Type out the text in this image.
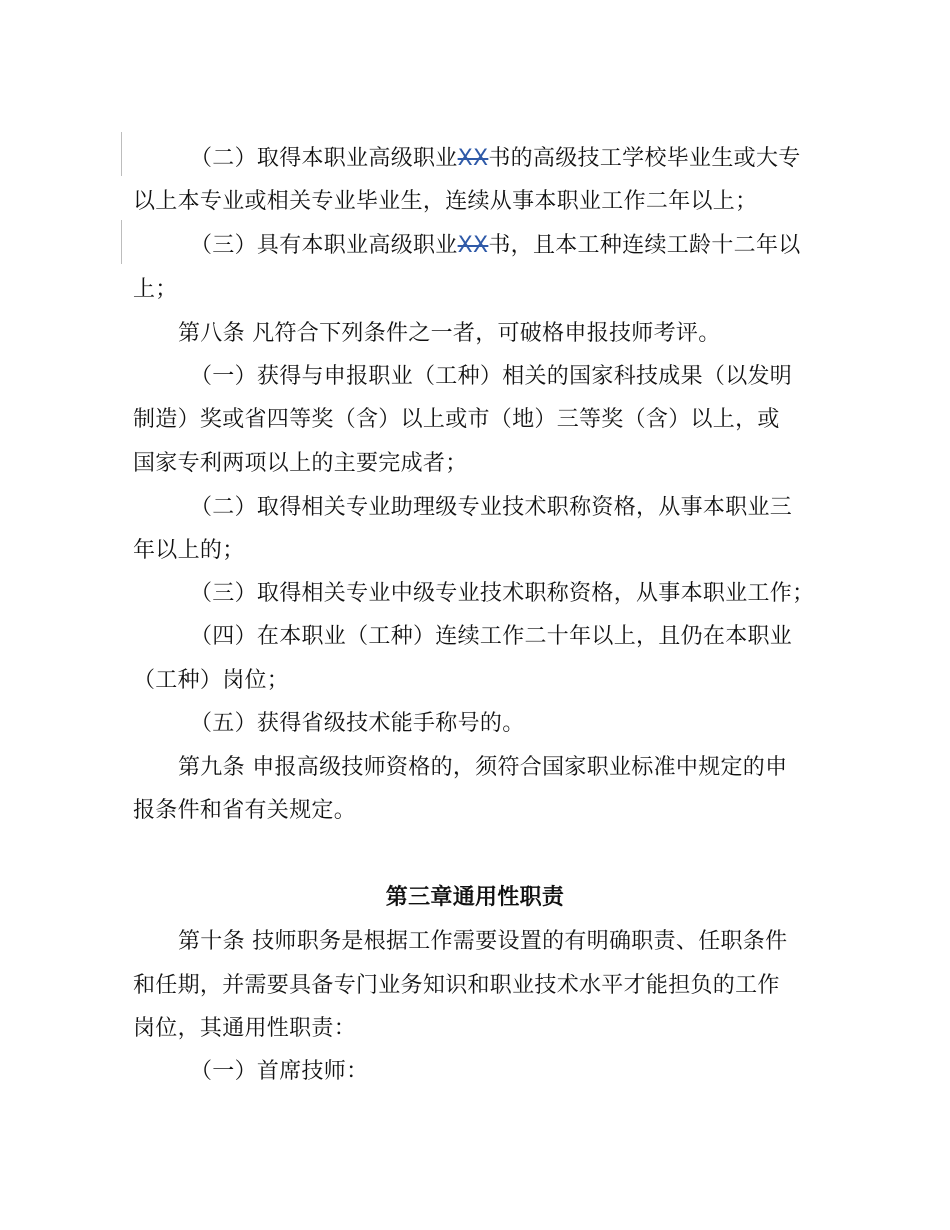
（二）取得本职业高级职业XX书的高级技工学校毕业生或大专
以上本专业或相关专业毕业生，连续从事本职业工作二年以上；
（三）具有本职业高级职业XX书，且本工种连续工龄十二年以
上；
第八条 凡符合下列条件之一者，可破格申报技师考评。
（一）获得与申报职业（工种）相关的国家科技成果（以发明
制造）奖或省四等奖（含）以上或市（地）三等奖（含）以上，或
国家专利两项以上的主要完成者；
（二）取得相关专业助理级专业技术职称资格，从事本职业三
年以上的；
（三）取得相关专业中级专业技术职称资格，从事本职业工作；
（四）在本职业（工种）连续工作二十年以上，且仍在本职业
（工种）岗位；
（五）获得省级技术能手称号的。
第九条 申报高级技师资格的，须符合国家职业标准中规定的申
报条件和省有关规定。
第三章通用性职责
第十条 技师职务是根据工作需要设置的有明确职责、任职条件
和任期，并需要具备专门业务知识和职业技术水平才能担负的工作
岗位，其通用性职责：
（一）首席技师：
